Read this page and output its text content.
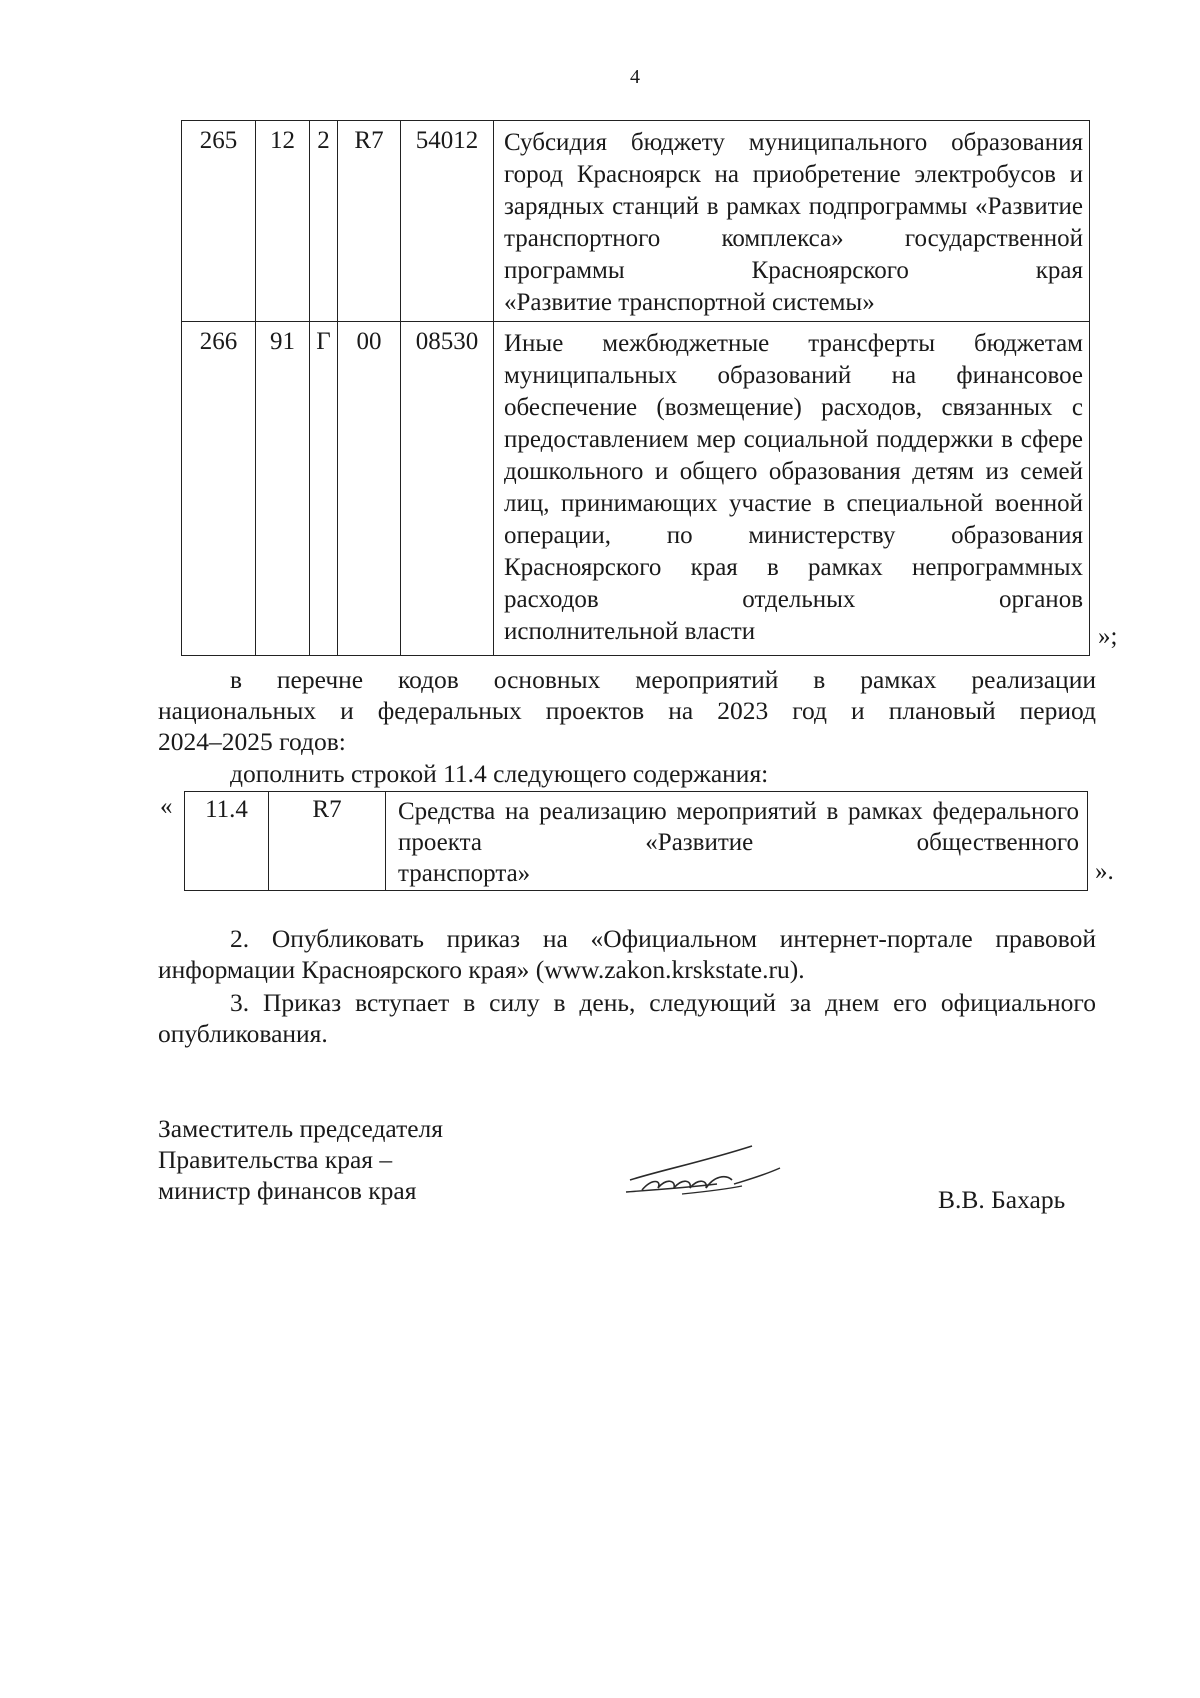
4
265	12	2	R7	54012	Субсидия бюджету муниципального образования город Красноярск на приобретение электробусов и зарядных станций в рамках подпрограммы «Развитие транспортного комплекса» государственной программы Красноярского края
«Развитие транспортной системы»

266	91	Г	00	08530	Иные межбюджетные трансферты бюджетам муниципальных образований на финансовое обеспечение (возмещение) расходов, связанных с предоставлением мер социальной поддержки в сфере дошкольного и общего образования детям из семей лиц, принимающих участие в специальной военной операции, по министерству образования Красноярского края в рамках непрограммных расходов отдельных органов
исполнительной власти	»;
в перечне кодов основных мероприятий в рамках реализации
национальных и федеральных проектов на 2023 год и плановый период
2024–2025 годов:
дополнить строкой 11.4 следующего содержания:
« 11.4	R7	Средства на реализацию мероприятий в рамках федерального проекта «Развитие общественного
транспорта»	».
2. Опубликовать приказ на «Официальном интернет-портале правовой
информации Красноярского края» (www.zakon.krskstate.ru).
3. Приказ вступает в силу в день, следующий за днем его официального
опубликования.
Заместитель председателя
Правительства края –
министр финансов края	В.В. Бахарь
